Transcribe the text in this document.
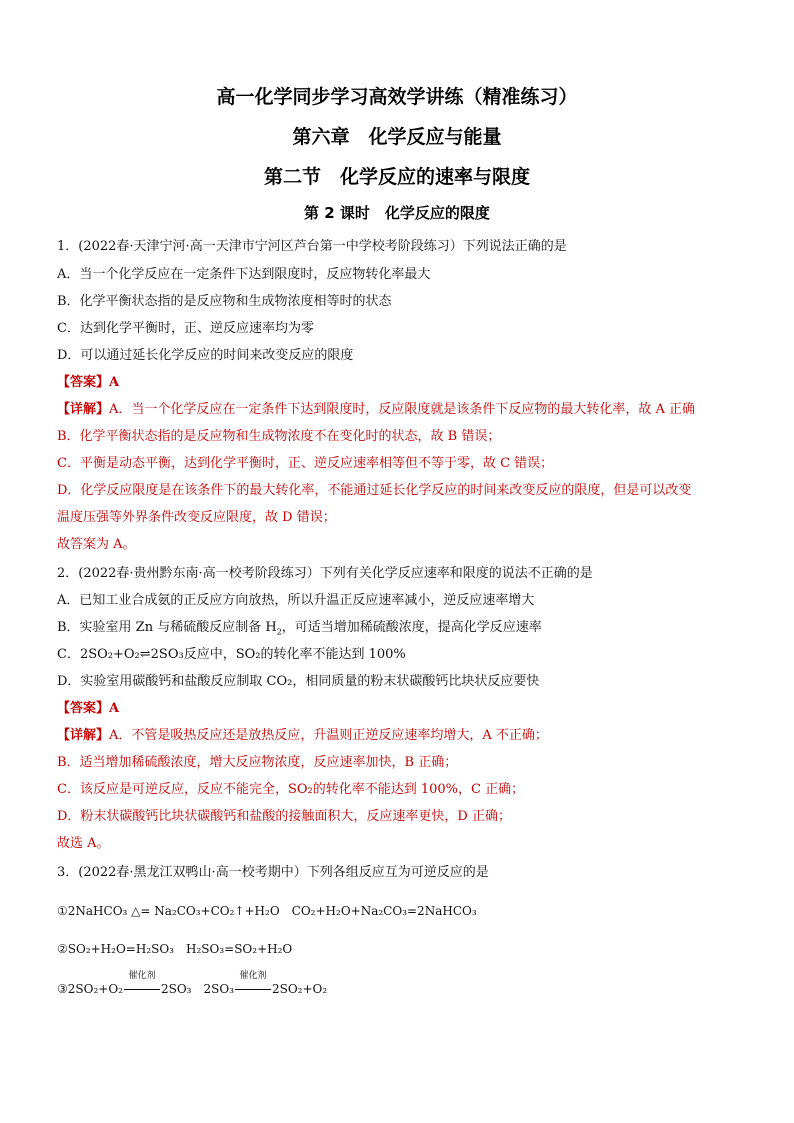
高一化学同步学习高效学讲练（精准练习）
第六章　化学反应与能量
第二节　化学反应的速率与限度
第 2 课时　化学反应的限度
1．(2022春·天津宁河·高一天津市宁河区芦台第一中学校考阶段练习）下列说法正确的是
A．当一个化学反应在一定条件下达到限度时，反应物转化率最大
B．化学平衡状态指的是反应物和生成物浓度相等时的状态
C．达到化学平衡时，正、逆反应速率均为零
D．可以通过延长化学反应的时间来改变反应的限度
【答案】A
【详解】A．当一个化学反应在一定条件下达到限度时，反应限度就是该条件下反应物的最大转化率，故 A 正确
B．化学平衡状态指的是反应物和生成物浓度不在变化时的状态，故 B 错误；
C．平衡是动态平衡，达到化学平衡时，正、逆反应速率相等但不等于零，故 C 错误；
D．化学反应限度是在该条件下的最大转化率，不能通过延长化学反应的时间来改变反应的限度，但是可以改变
温度压强等外界条件改变反应限度，故 D 错误；
故答案为 A。
2．(2022春·贵州黔东南·高一校考阶段练习）下列有关化学反应速率和限度的说法不正确的是
A．已知工业合成氨的正反应方向放热，所以升温正反应速率减小，逆反应速率增大
B．实验室用 Zn 与稀硫酸反应制备 $H_2$，可适当增加稀硫酸浓度，提高化学反应速率
C．2SO₂+O₂⇌2SO₃反应中，SO₂的转化率不能达到 100%
D．实验室用碳酸钙和盐酸反应制取 CO₂，相同质量的粉末状碳酸钙比块状反应要快
【答案】A
【详解】A．不管是吸热反应还是放热反应，升温则正逆反应速率均增大，A 不正确；
B．适当增加稀硫酸浓度，增大反应物浓度，反应速率加快，B 正确；
C．该反应是可逆反应，反应不能完全，SO₂的转化率不能达到 100%，C 正确；
D．粉末状碳酸钙比块状碳酸钙和盐酸的接触面积大，反应速率更快，D 正确；
故选 A。
3．(2022春·黑龙江双鸭山·高一校考期中）下列各组反应互为可逆反应的是
①2NaHCO₃ △= Na₂CO₃+CO₂↑+H₂O　CO₂+H₂O+Na₂CO₃=2NaHCO₃
②SO₂+H₂O=H₂SO₃　H₂SO₃=SO₂+H₂O
③2SO₂+O₂
催化剂
2SO₃　2SO₃
催化剂
2SO₂+O₂
